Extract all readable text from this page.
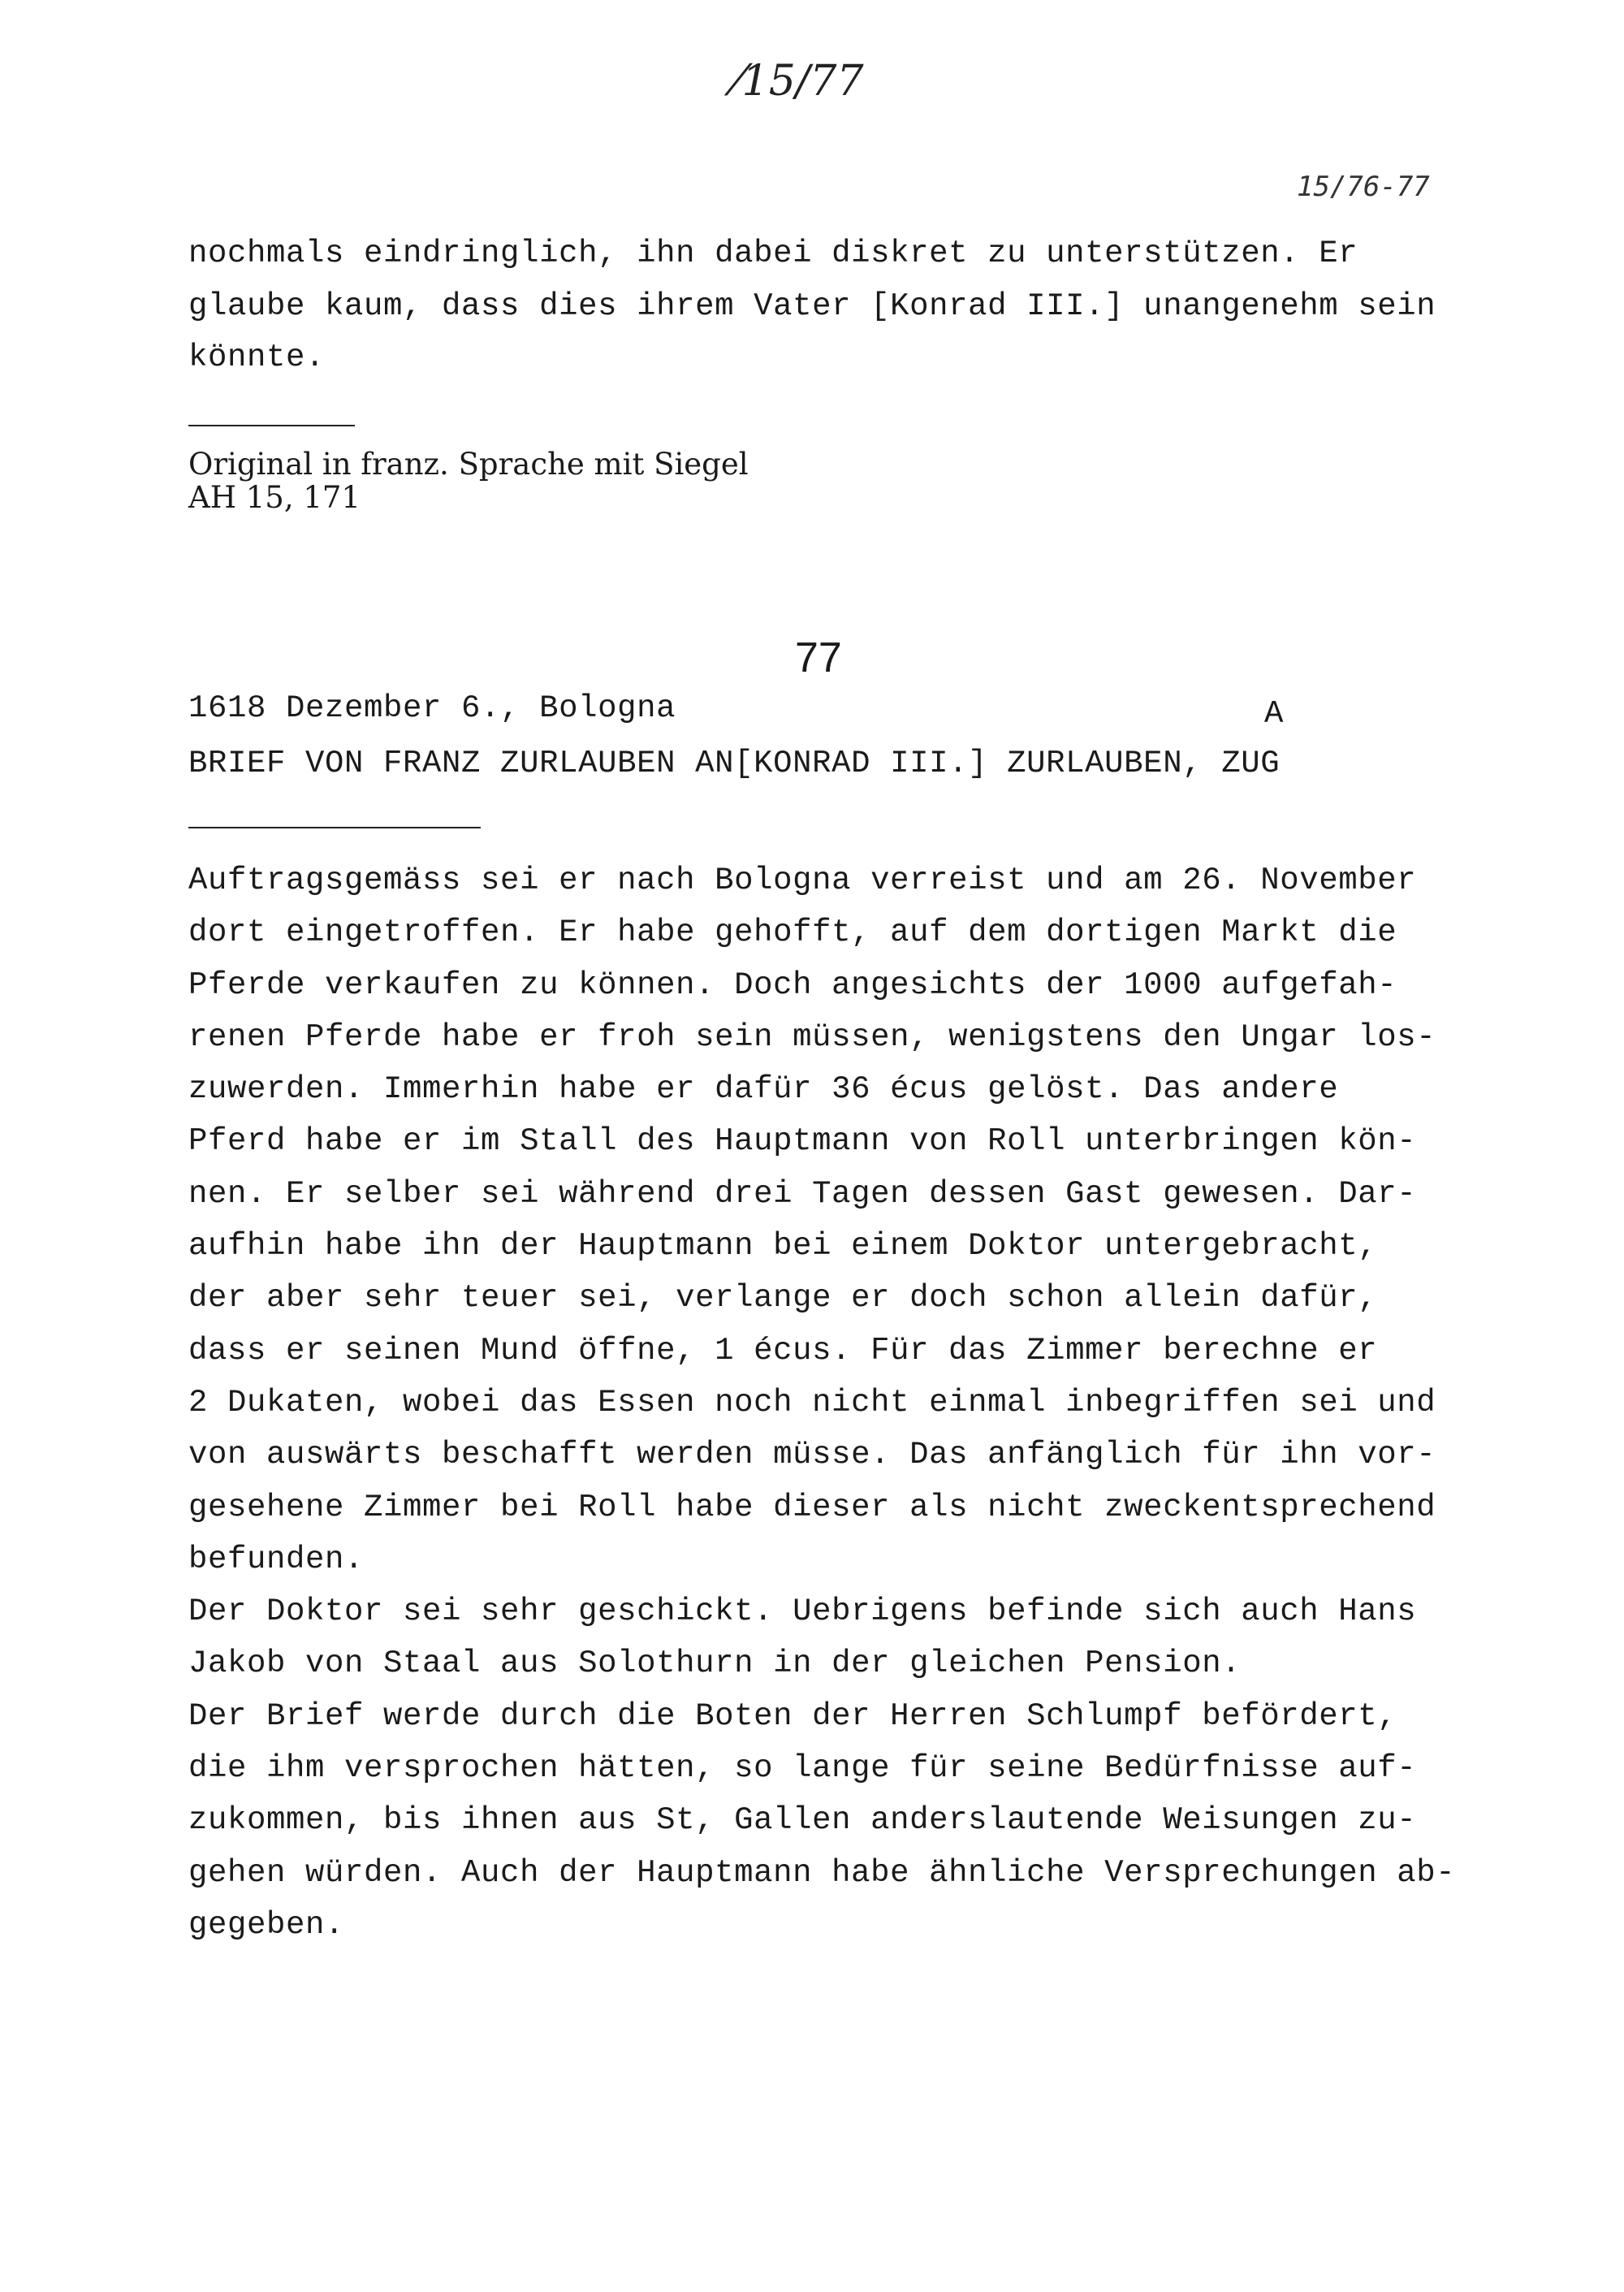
⁄15/77
15/76-77
nochmals eindringlich, ihn dabei diskret zu unterstützen. Er
glaube kaum, dass dies ihrem Vater [Konrad III.] unangenehm sein
könnte.
Original in franz. Sprache mit Siegel
AH 15, 171
77
1618 Dezember 6., Bologna	A
BRIEF VON FRANZ ZURLAUBEN AN[KONRAD III.] ZURLAUBEN, ZUG
Auftragsgemäss sei er nach Bologna verreist und am 26. November
dort eingetroffen. Er habe gehofft, auf dem dortigen Markt die
Pferde verkaufen zu können. Doch angesichts der 1000 aufgefah-
renen Pferde habe er froh sein müssen, wenigstens den Ungar los-
zuwerden. Immerhin habe er dafür 36 écus gelöst. Das andere
Pferd habe er im Stall des Hauptmann von Roll unterbringen kön-
nen. Er selber sei während drei Tagen dessen Gast gewesen. Dar-
aufhin habe ihn der Hauptmann bei einem Doktor untergebracht,
der aber sehr teuer sei, verlange er doch schon allein dafür,
dass er seinen Mund öffne, 1 écus. Für das Zimmer berechne er
2 Dukaten, wobei das Essen noch nicht einmal inbegriffen sei und
von auswärts beschafft werden müsse. Das anfänglich für ihn vor-
gesehene Zimmer bei Roll habe dieser als nicht zweckentsprechend
befunden.
Der Doktor sei sehr geschickt. Uebrigens befinde sich auch Hans
Jakob von Staal aus Solothurn in der gleichen Pension.
Der Brief werde durch die Boten der Herren Schlumpf befördert,
die ihm versprochen hätten, so lange für seine Bedürfnisse auf-
zukommen, bis ihnen aus St, Gallen anderslautende Weisungen zu-
gehen würden. Auch der Hauptmann habe ähnliche Versprechungen ab-
gegeben.
